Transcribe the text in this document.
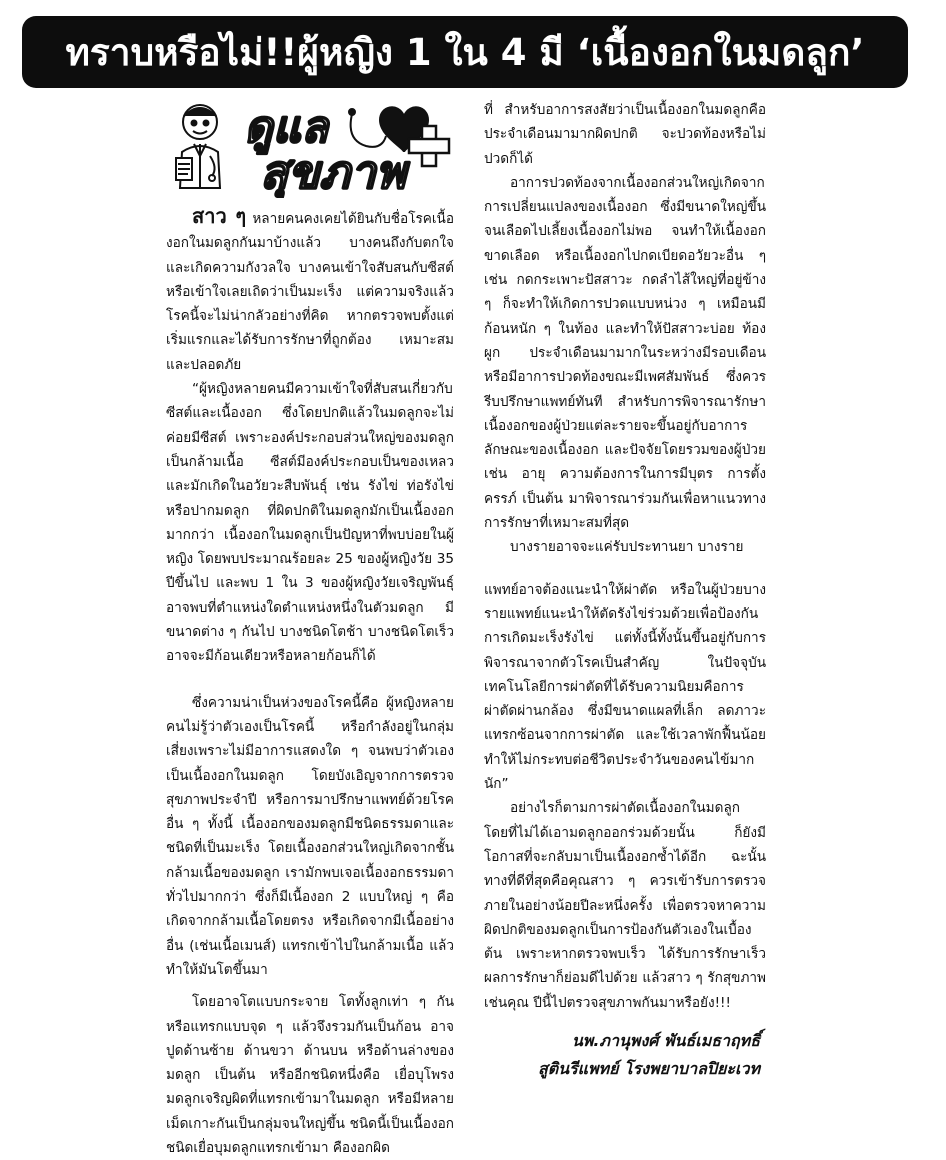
ทราบหรือไม่!!ผู้หญิง 1 ใน 4 มี ‘เนื้องอกในมดลูก’
ดูแล
สุขภาพ

สาว ๆ หลายคนคงเคยได้ยินกับชื่อโรคเนื้องอกในมดลูกกันมาบ้างแล้ว บางคนถึงกับตกใจและเกิดความกังวลใจ บางคนเข้าใจสับสนกับซีสต์หรือเข้าใจเลยเถิดว่าเป็นมะเร็ง แต่ความจริงแล้วโรคนี้จะไม่น่ากลัวอย่างที่คิด หากตรวจพบตั้งแต่เริ่มแรกและได้รับการรักษาที่ถูกต้อง เหมาะสม และปลอดภัย

“ผู้หญิงหลายคนมีความเข้าใจที่สับสนเกี่ยวกับซีสต์และเนื้องอก ซึ่งโดยปกติแล้วในมดลูกจะไม่ค่อยมีซีสต์ เพราะองค์ประกอบส่วนใหญ่ของมดลูกเป็นกล้ามเนื้อ ซีสต์มีองค์ประกอบเป็นของเหลวและมักเกิดในอวัยวะสืบพันธุ์ เช่น รังไข่ ท่อรังไข่ หรือปากมดลูก ที่ผิดปกติในมดลูกมักเป็นเนื้องอกมากกว่า เนื้องอกในมดลูกเป็นปัญหาที่พบบ่อยในผู้หญิง โดยพบประมาณร้อยละ 25 ของผู้หญิงวัย 35 ปีขึ้นไป และพบ 1 ใน 3 ของผู้หญิงวัยเจริญพันธุ์ อาจพบที่ตำแหน่งใดตำแหน่งหนึ่งในตัวมดลูก มีขนาดต่าง ๆ กันไป บางชนิดโตช้า บางชนิดโตเร็ว อาจจะมีก้อนเดียวหรือหลายก้อนก็ได้

ซึ่งความน่าเป็นห่วงของโรคนี้คือ ผู้หญิงหลายคนไม่รู้ว่าตัวเองเป็นโรคนี้ หรือกำลังอยู่ในกลุ่มเสี่ยงเพราะไม่มีอาการแสดงใด ๆ จนพบว่าตัวเองเป็นเนื้องอกในมดลูก โดยบังเอิญจากการตรวจสุขภาพประจำปี หรือการมาปรึกษาแพทย์ด้วยโรคอื่น ๆ ทั้งนี้ เนื้องอกของมดลูกมีชนิดธรรมดาและชนิดที่เป็นมะเร็ง โดยเนื้องอกส่วนใหญ่เกิดจากชั้นกล้ามเนื้อของมดลูก เรามักพบเจอเนื้องอกธรรมดาทั่วไปมากกว่า ซึ่งก็มีเนื้องอก 2 แบบใหญ่ ๆ คือ เกิดจากกล้ามเนื้อโดยตรง หรือเกิดจากมีเนื้ออย่างอื่น (เช่นเนื้อเมนส์) แทรกเข้าไปในกล้ามเนื้อ แล้วทำให้มันโตขึ้นมา

โดยอาจโตแบบกระจาย โตทั้งลูกเท่า ๆ กัน หรือแทรกแบบจุด ๆ แล้วจึงรวมกันเป็นก้อน อาจปูดด้านซ้าย ด้านขวา ด้านบน หรือด้านล่างของมดลูก เป็นต้น หรืออีกชนิดหนึ่งคือ เยื่อบุโพรงมดลูกเจริญผิดที่แทรกเข้ามาในมดลูก หรือมีหลายเม็ดเกาะกันเป็นกลุ่มจนใหญ่ขึ้น ชนิดนี้เป็นเนื้องอกชนิดเยื่อบุมดลูกแทรกเข้ามา คืองอกผิด

ที่ สำหรับอาการสงสัยว่าเป็นเนื้องอกในมดลูกคือ ประจำเดือนมามากผิดปกติ จะปวดท้องหรือไม่ปวดก็ได้

อาการปวดท้องจากเนื้องอกส่วนใหญ่เกิดจากการเปลี่ยนแปลงของเนื้องอก ซึ่งมีขนาดใหญ่ขึ้นจนเลือดไปเลี้ยงเนื้องอกไม่พอ จนทำให้เนื้องอกขาดเลือด หรือเนื้องอกไปกดเบียดอวัยวะอื่น ๆ เช่น กดกระเพาะปัสสาวะ กดลำไส้ใหญ่ที่อยู่ข้าง ๆ ก็จะทำให้เกิดการปวดแบบหน่วง ๆ เหมือนมีก้อนหนัก ๆ ในท้อง และทำให้ปัสสาวะบ่อย ท้องผูก ประจำเดือนมามากในระหว่างมีรอบเดือน หรือมีอาการปวดท้องขณะมีเพศสัมพันธ์ ซึ่งควรรีบปรึกษาแพทย์ทันที สำหรับการพิจารณารักษาเนื้องอกของผู้ป่วยแต่ละรายจะขึ้นอยู่กับอาการ ลักษณะของเนื้องอก และปัจจัยโดยรวมของผู้ป่วย เช่น อายุ ความต้องการในการมีบุตร การตั้งครรภ์ เป็นต้น มาพิจารณาร่วมกันเพื่อหาแนวทางการรักษาที่เหมาะสมที่สุด

บางรายอาจจะแค่รับประทานยา บางราย

แพทย์อาจต้องแนะนำให้ผ่าตัด หรือในผู้ป่วยบางรายแพทย์แนะนำให้ตัดรังไข่ร่วมด้วยเพื่อป้องกันการเกิดมะเร็งรังไข่ แต่ทั้งนี้ทั้งนั้นขึ้นอยู่กับการพิจารณาจากตัวโรคเป็นสำคัญ ในปัจจุบันเทคโนโลยีการผ่าตัดที่ได้รับความนิยมคือการผ่าตัดผ่านกล้อง ซึ่งมีขนาดแผลที่เล็ก ลดภาวะแทรกซ้อนจากการผ่าตัด และใช้เวลาพักฟื้นน้อย ทำให้ไม่กระทบต่อชีวิตประจำวันของคนไข้มากนัก”

อย่างไรก็ตามการผ่าตัดเนื้องอกในมดลูกโดยที่ไม่ได้เอามดลูกออกร่วมด้วยนั้น ก็ยังมีโอกาสที่จะกลับมาเป็นเนื้องอกซ้ำได้อีก ฉะนั้นทางที่ดีที่สุดคือคุณสาว ๆ ควรเข้ารับการตรวจภายในอย่างน้อยปีละหนึ่งครั้ง เพื่อตรวจหาความผิดปกติของมดลูกเป็นการป้องกันตัวเองในเบื้องต้น เพราะหากตรวจพบเร็ว ได้รับการรักษาเร็ว ผลการรักษาก็ย่อมดีไปด้วย แล้วสาว ๆ รักสุขภาพเช่นคุณ ปีนี้ไปตรวจสุขภาพกันมาหรือยัง!!!

นพ.ภานุพงศ์ พันธ์เมธาฤทธิ์
สูตินรีแพทย์ โรงพยาบาลปิยะเวท
